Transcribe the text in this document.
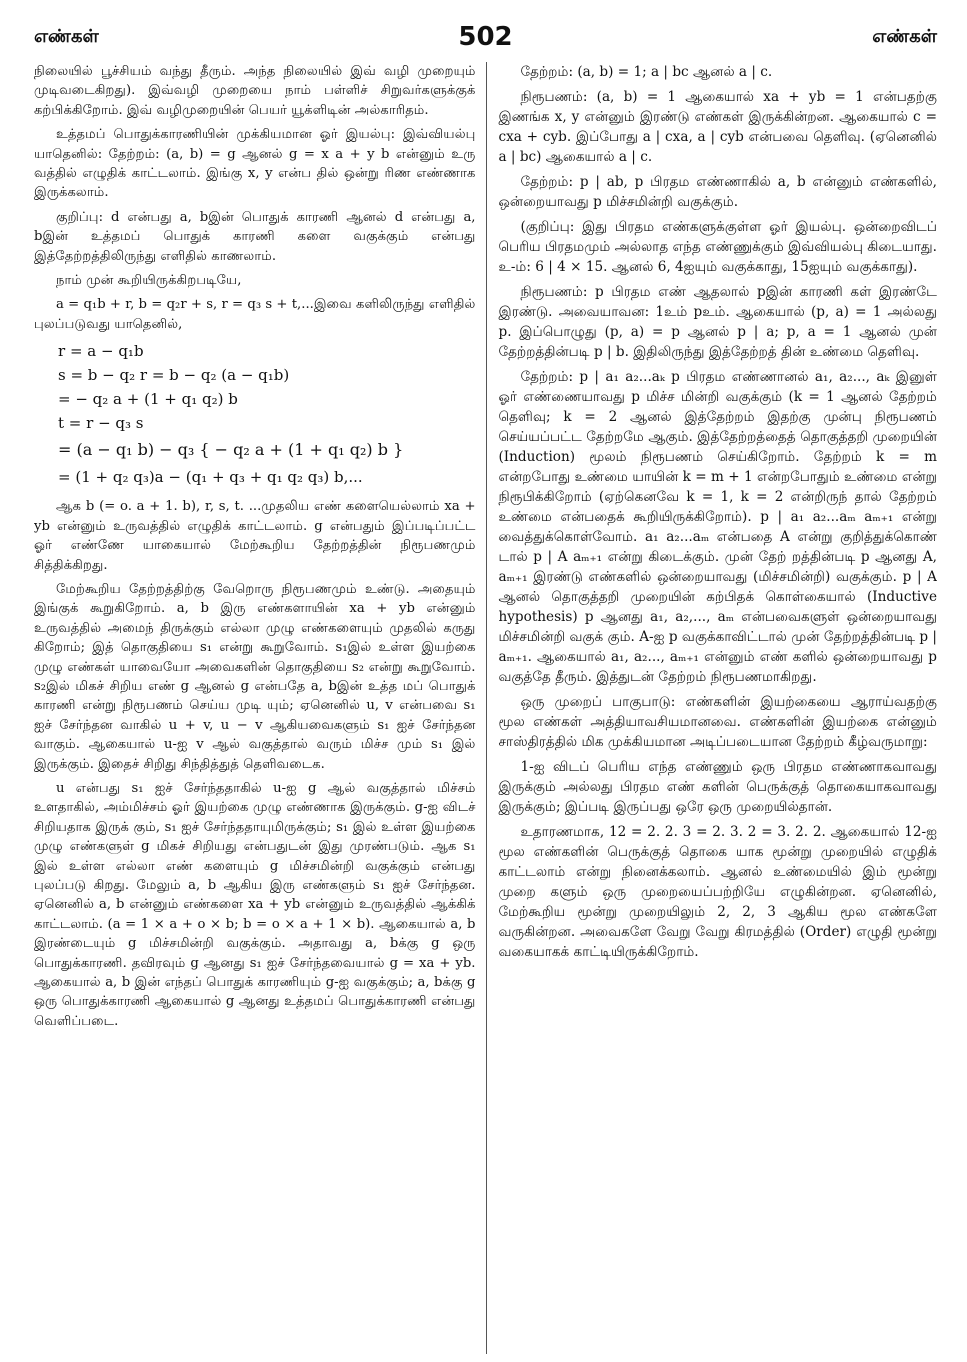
எண்கள்	502	எண்கள்

நிலையில் பூச்சியம் வந்து தீரும். அந்த நிலையில் இவ் வழி முறையும் முடிவடைகிறது). இவ்வழி முறையை நாம் பள்ளிச் சிறுவர்களுக்குக் கற்பிக்கிறோம். இவ் வழிமுறையின் பெயர் யூக்ளிடின் அல்காரிதம்.

உத்தமப் பொதுக்காரணியின் முக்கியமான ஓர் இயல்பு: இவ்வியல்பு யாதெனில்: தேற்றம்: (a, b) = g ஆனல் g = x a + y b என்னும் உரு வத்தில் எழுதிக் காட்டலாம். இங்கு x, y என்ப தில் ஒன்று ரிண எண்ணாக இருக்கலாம்.

குறிப்பு: d என்பது a, bஇன் பொதுக் காரணி ஆனல் d என்பது a, bஇன் உத்தமப் பொதுக் காரணி களை வகுக்கும் என்பது இத்தேற்றத்திலிருந்து எளிதில் காணலாம்.

நாம் முன் கூறியிருக்கிறபடியே,

a = q₁b + r, b = q₂r + s, r = q₃ s + t,...இவை களிலிருந்து எளிதில் புலப்படுவது யாதெனில்,

r = a − q₁b
s = b − q₂ r = b − q₂ (a − q₁b)
= − q₂ a + (1 + q₁ q₂) b
t = r − q₃ s
= (a − q₁ b) − q₃ { − q₂ a + (1 + q₁ q₂) b }
= (1 + q₂ q₃)a − (q₁ + q₃ + q₁ q₂ q₃) b,...

ஆக b (= o. a + 1. b), r, s, t. ...முதலிய எண் களையெல்லாம் xa + yb என்னும் உருவத்தில் எழுதிக் காட்டலாம். g என்பதும் இப்படிப்பட்ட ஓர் எண்ணே யாகையால் மேற்கூறிய தேற்றத்தின் நிரூபணமும் சித்திக்கிறது.

மேற்கூறிய தேற்றத்திற்கு வேறொரு நிரூபணமும் உண்டு. அதையும் இங்குக் கூறுகிறோம். a, b இரு எண்களாயின் xa + yb என்னும் உருவத்தில் அமைந் திருக்கும் எல்லா முழு எண்களையும் முதலில் கருது கிறோம்; இத் தொகுதியை s₁ என்று கூறுவோம். s₁இல் உள்ள இயற்கை முழு எண்கள் யாவையோ அவைகளின் தொகுதியை s₂ என்று கூறுவோம். s₂இல் மிகச் சிறிய எண் g ஆனல் g என்பதே a, bஇன் உத்த மப் பொதுக் காரணி என்று நிரூபணம் செய்ய முடி யும்; ஏனெனில் u, v என்பவை s₁ ஐச் சேர்ந்தன வாகில் u + v, u − v ஆகியவைகளும் s₁ ஐச் சேர்ந்தன வாகும். ஆகையால் u-ஐ v ஆல் வகுத்தால் வரும் மிச்ச மும் s₁ இல் இருக்கும். இதைச் சிறிது சிந்தித்துத் தெளிவடைக.

u என்பது s₁ ஐச் சேர்ந்ததாகில் u-ஐ g ஆல் வகுத்தால் மிச்சம் உளதாகில், அம்மிச்சம் ஓர் இயற்கை முழு எண்ணாக இருக்கும். g-ஐ விடச் சிறியதாக இருக் கும், s₁ ஐச் சேர்ந்ததாயுமிருக்கும்; s₁ இல் உள்ள இயற்கை முழு எண்களுள் g மிகச் சிறியது என்பதுடன் இது முரண்படும். ஆக s₁ இல் உள்ள எல்லா எண் களையும் g மிச்சமின்றி வகுக்கும் என்பது புலப்படு கிறது. மேலும் a, b ஆகிய இரு எண்களும் s₁ ஐச் சேர்ந்தன. ஏனெனில் a, b என்னும் எண்களை xa + yb என்னும் உருவத்தில் ஆக்கிக் காட்டலாம். (a = 1 × a + o × b; b = o × a + 1 × b). ஆகையால் a, b இரண்டையும் g மிச்சமின்றி வகுக்கும். அதாவது a, bக்கு g ஒரு பொதுக்காரணி. தவிரவும் g ஆனது s₁ ஐச் சேர்ந்தவையால் g = xa + yb. ஆகையால் a, b இன் எந்தப் பொதுக் காரணியும் g-ஐ வகுக்கும்; a, bக்கு g ஒரு பொதுக்காரணி ஆகையால் g ஆனது உத்தமப் பொதுக்காரணி என்பது வெளிப்படை.

தேற்றம்: (a, b) = 1; a | bc ஆனல் a | c.

நிரூபணம்: (a, b) = 1 ஆகையால் xa + yb = 1 என்பதற்கு இணங்க x, y என்னும் இரண்டு எண்கள் இருக்கின்றன. ஆகையால் c = cxa + cyb. இப்போது a | cxa, a | cyb என்பவை தெளிவு. (ஏனெனில் a | bc) ஆகையால் a | c.

தேற்றம்: p | ab, p பிரதம எண்ணாகில் a, b என்னும் எண்களில், ஒன்றையாவது p மிச்சமின்றி வகுக்கும்.

(குறிப்பு: இது பிரதம எண்களுக்குள்ள ஓர் இயல்பு. ஒன்றைவிடப் பெரிய பிரதமமும் அல்லாத எந்த எண்ணுக்கும் இவ்வியல்பு கிடையாது. உ-ம்: 6 | 4 × 15. ஆனல் 6, 4ஐயும் வகுக்காது, 15ஐயும் வகுக்காது).

நிரூபணம்: p பிரதம எண் ஆதலால் pஇன் காரணி கள் இரண்டே இரண்டு. அவையாவன: 1உம் pஉம். ஆகையால் (p, a) = 1 அல்லது p. இப்பொழுது (p, a) = p ஆனல் p | a; p, a = 1 ஆனல் முன் தேற்றத்தின்படி p | b. இதிலிருந்து இத்தேற்றத் தின் உண்மை தெளிவு.

தேற்றம்: p | a₁ a₂...aₖ p பிரதம எண்ணானல் a₁, a₂..., aₖ இனுள் ஓர் எண்ணையாவது p மிச்ச மின்றி வகுக்கும் (k = 1 ஆனல் தேற்றம் தெளிவு; k = 2 ஆனல் இத்தேற்றம் இதற்கு முன்பு நிரூபணம் செய்யப்பட்ட தேற்றமே ஆகும். இத்தேற்றத்தைத் தொகுத்தறி முறையின் (Induction) மூலம் நிரூபணம் செய்கிறோம். தேற்றம் k = m என்றபோது உண்மை யாயின் k = m + 1 என்றபோதும் உண்மை என்று நிரூபிக்கிறோம் (ஏற்கெனவே k = 1, k = 2 என்றிருந் தால் தேற்றம் உண்மை என்பதைக் கூறியிருக்கிறோம்). p | a₁ a₂...aₘ aₘ₊₁ என்று வைத்துக்கொள்வோம். a₁ a₂...aₘ என்பதை A என்று குறித்துக்கொண் டால் p | A aₘ₊₁ என்று கிடைக்கும். முன் தேற் றத்தின்படி p ஆனது A, aₘ₊₁ இரண்டு எண்களில் ஒன்றையாவது (மிச்சமின்றி) வகுக்கும். p | A ஆனல் தொகுத்தறி முறையின் கற்பிதக் கொள்கையால் (Inductive hypothesis) p ஆனது a₁, a₂,..., aₘ என்பவைகளுள் ஒன்றையாவது மிச்சமின்றி வகுக் கும். A-ஐ p வகுக்காவிட்டால் முன் தேற்றத்தின்படி p | aₘ₊₁. ஆகையால் a₁, a₂..., aₘ₊₁ என்னும் எண் களில் ஒன்றையாவது p வகுத்தே தீரும். இத்துடன் தேற்றம் நிரூபணமாகிறது.

ஒரு முறைப் பாகுபாடு: எண்களின் இயற்கையை ஆராய்வதற்கு மூல எண்கள் அத்தியாவசியமானவை. எண்களின் இயற்கை என்னும் சாஸ்திரத்தில் மிக முக்கியமான அடிப்படையான தேற்றம் கீழ்வருமாறு:

1-ஐ விடப் பெரிய எந்த எண்ணும் ஒரு பிரதம எண்ணாகவாவது இருக்கும் அல்லது பிரதம எண் களின் பெருக்குத் தொகையாகவாவது இருக்கும்; இப்படி இருப்பது ஒரே ஒரு முறையில்தான்.

உதாரணமாக, 12 = 2. 2. 3 = 2. 3. 2 = 3. 2. 2. ஆகையால் 12-ஐ மூல எண்களின் பெருக்குத் தொகை யாக மூன்று முறையில் எழுதிக் காட்டலாம் என்று நினைக்கலாம். ஆனல் உண்மையில் இம் மூன்று முறை களும் ஒரு முறையைப்பற்றியே எழுகின்றன. ஏனெனில், மேற்கூறிய மூன்று முறையிலும் 2, 2, 3 ஆகிய மூல எண்களே வருகின்றன. அவைகளே வேறு வேறு கிரமத்தில் (Order) எழுதி மூன்று வகையாகக் காட்டியிருக்கிறோம்.
